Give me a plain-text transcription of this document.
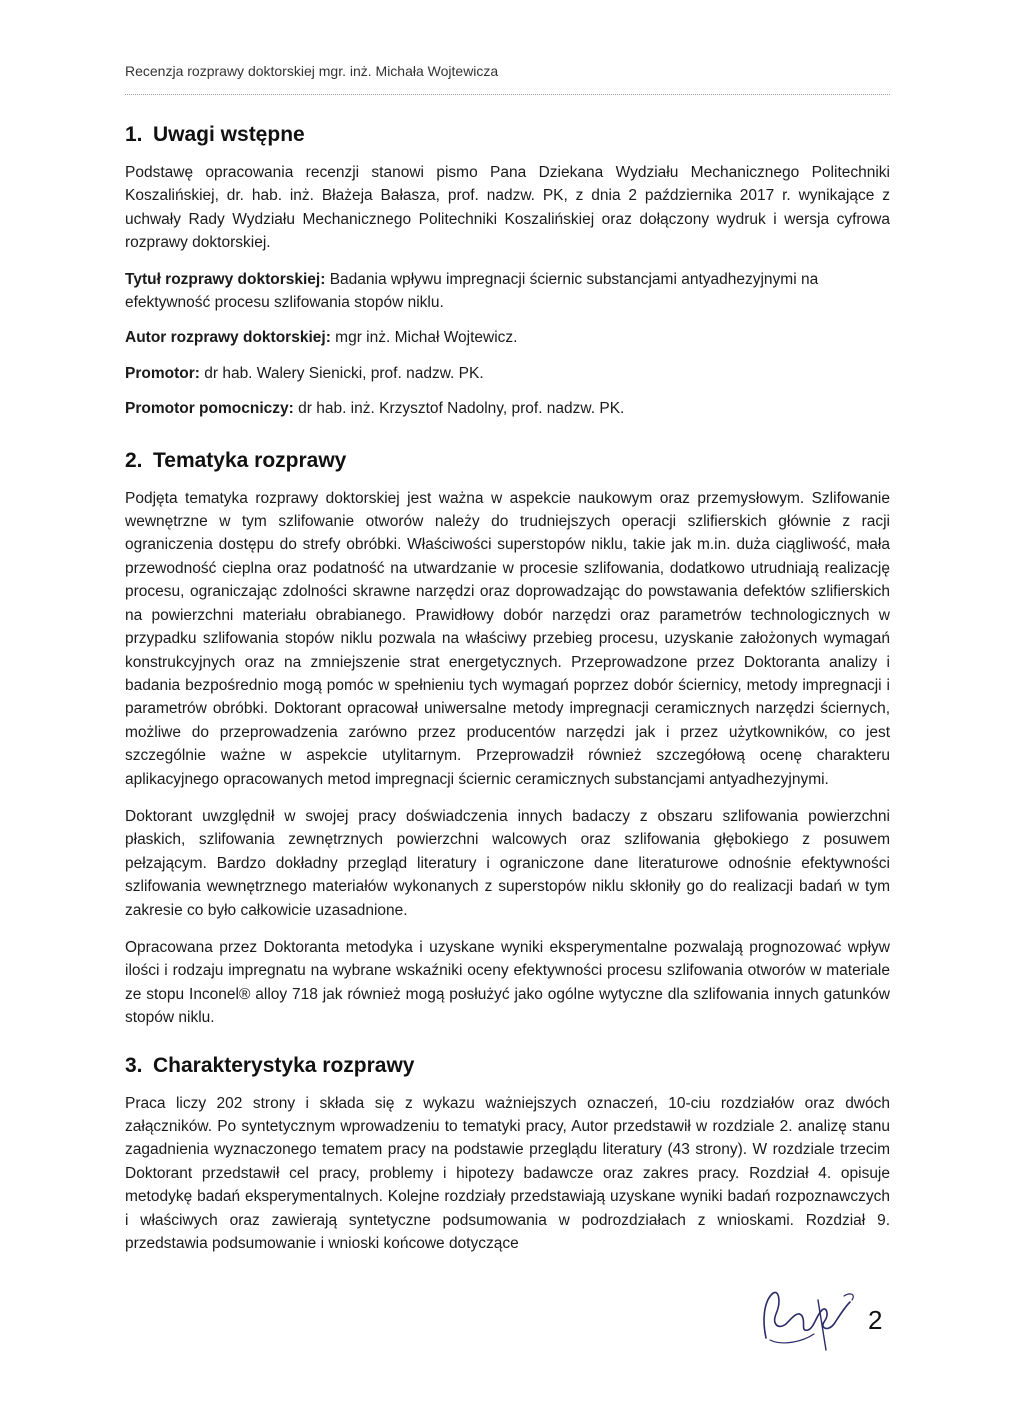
Recenzja rozprawy doktorskiej mgr. inż. Michała Wojtewicza
1. Uwagi wstępne

Podstawę opracowania recenzji stanowi pismo Pana Dziekana Wydziału Mechanicznego Politechniki Koszalińskiej, dr. hab. inż. Błażeja Bałasza, prof. nadzw. PK, z dnia 2 października 2017 r. wynikające z uchwały Rady Wydziału Mechanicznego Politechniki Koszalińskiej oraz dołączony wydruk i wersja cyfrowa rozprawy doktorskiej.

Tytuł rozprawy doktorskiej: Badania wpływu impregnacji ściernic substancjami antyadhezyjnymi na efektywność procesu szlifowania stopów niklu.

Autor rozprawy doktorskiej: mgr inż. Michał Wojtewicz.

Promotor: dr hab. Walery Sienicki, prof. nadzw. PK.

Promotor pomocniczy: dr hab. inż. Krzysztof Nadolny, prof. nadzw. PK.

2. Tematyka rozprawy

Podjęta tematyka rozprawy doktorskiej jest ważna w aspekcie naukowym oraz przemysłowym. Szlifowanie wewnętrzne w tym szlifowanie otworów należy do trudniejszych operacji szlifierskich głównie z racji ograniczenia dostępu do strefy obróbki. Właściwości superstopów niklu, takie jak m.in. duża ciągliwość, mała przewodność cieplna oraz podatność na utwardzanie w procesie szlifowania, dodatkowo utrudniają realizację procesu, ograniczając zdolności skrawne narzędzi oraz doprowadzając do powstawania defektów szlifierskich na powierzchni materiału obrabianego. Prawidłowy dobór narzędzi oraz parametrów technologicznych w przypadku szlifowania stopów niklu pozwala na właściwy przebieg procesu, uzyskanie założonych wymagań konstrukcyjnych oraz na zmniejszenie strat energetycznych. Przeprowadzone przez Doktoranta analizy i badania bezpośrednio mogą pomóc w spełnieniu tych wymagań poprzez dobór ściernicy, metody impregnacji i parametrów obróbki. Doktorant opracował uniwersalne metody impregnacji ceramicznych narzędzi ściernych, możliwe do przeprowadzenia zarówno przez producentów narzędzi jak i przez użytkowników, co jest szczególnie ważne w aspekcie utylitarnym. Przeprowadził również szczegółową ocenę charakteru aplikacyjnego opracowanych metod impregnacji ściernic ceramicznych substancjami antyadhezyjnymi.

Doktorant uwzględnił w swojej pracy doświadczenia innych badaczy z obszaru szlifowania powierzchni płaskich, szlifowania zewnętrznych powierzchni walcowych oraz szlifowania głębokiego z posuwem pełzającym. Bardzo dokładny przegląd literatury i ograniczone dane literaturowe odnośnie efektywności szlifowania wewnętrznego materiałów wykonanych z superstopów niklu skłoniły go do realizacji badań w tym zakresie co było całkowicie uzasadnione.

Opracowana przez Doktoranta metodyka i uzyskane wyniki eksperymentalne pozwalają prognozować wpływ ilości i rodzaju impregnatu na wybrane wskaźniki oceny efektywności procesu szlifowania otworów w materiale ze stopu Inconel® alloy 718 jak również mogą posłużyć jako ogólne wytyczne dla szlifowania innych gatunków stopów niklu.

3. Charakterystyka rozprawy

Praca liczy 202 strony i składa się z wykazu ważniejszych oznaczeń, 10-ciu rozdziałów oraz dwóch załączników. Po syntetycznym wprowadzeniu to tematyki pracy, Autor przedstawił w rozdziale 2. analizę stanu zagadnienia wyznaczonego tematem pracy na podstawie przeglądu literatury (43 strony). W rozdziale trzecim Doktorant przedstawił cel pracy, problemy i hipotezy badawcze oraz zakres pracy. Rozdział 4. opisuje metodykę badań eksperymentalnych. Kolejne rozdziały przedstawiają uzyskane wyniki badań rozpoznawczych i właściwych oraz zawierają syntetyczne podsumowania w podrozdziałach z wnioskami. Rozdział 9. przedstawia podsumowanie i wnioski końcowe dotyczące

2
